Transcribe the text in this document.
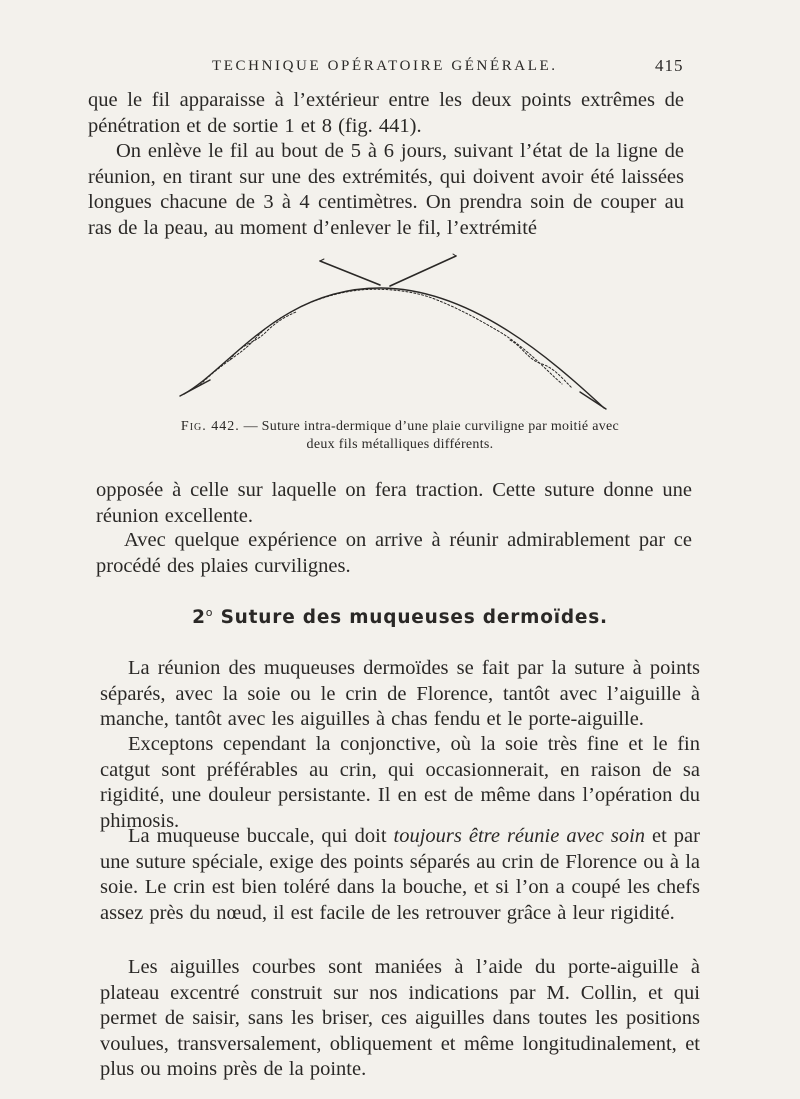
TECHNIQUE OPÉRATOIRE GÉNÉRALE.	415

que le fil apparaisse à l’extérieur entre les deux points extrêmes de pénétration et de sortie 1 et 8 (fig. 441).

On enlève le fil au bout de 5 à 6 jours, suivant l’état de la ligne de réunion, en tirant sur une des extrémités, qui doivent avoir été laissées longues chacune de 3 à 4 centimètres. On prendra soin de couper au ras de la peau, au moment d’enlever le fil, l’extrémité

Fig. 442. — Suture intra-dermique d’une plaie curviligne par moitié avec deux fils métalliques différents.

opposée à celle sur laquelle on fera traction. Cette suture donne une réunion excellente.

Avec quelque expérience on arrive à réunir admirablement par ce procédé des plaies curvilignes.

2$^o$ Suture des muqueuses dermoïdes.

La réunion des muqueuses dermoïdes se fait par la suture à points séparés, avec la soie ou le crin de Florence, tantôt avec l’aiguille à manche, tantôt avec les aiguilles à chas fendu et le porte-aiguille.

Exceptons cependant la conjonctive, où la soie très fine et le fin catgut sont préférables au crin, qui occasionnerait, en raison de sa rigidité, une douleur persistante. Il en est de même dans l’opération du phimosis.

La muqueuse buccale, qui doit toujours être réunie avec soin et par une suture spéciale, exige des points séparés au crin de Florence ou à la soie. Le crin est bien toléré dans la bouche, et si l’on a coupé les chefs assez près du nœud, il est facile de les retrouver grâce à leur rigidité.

Les aiguilles courbes sont maniées à l’aide du porte-aiguille à plateau excentré construit sur nos indications par M. Collin, et qui permet de saisir, sans les briser, ces aiguilles dans toutes les positions voulues, transversalement, obliquement et même longitudinalement, et plus ou moins près de la pointe.
